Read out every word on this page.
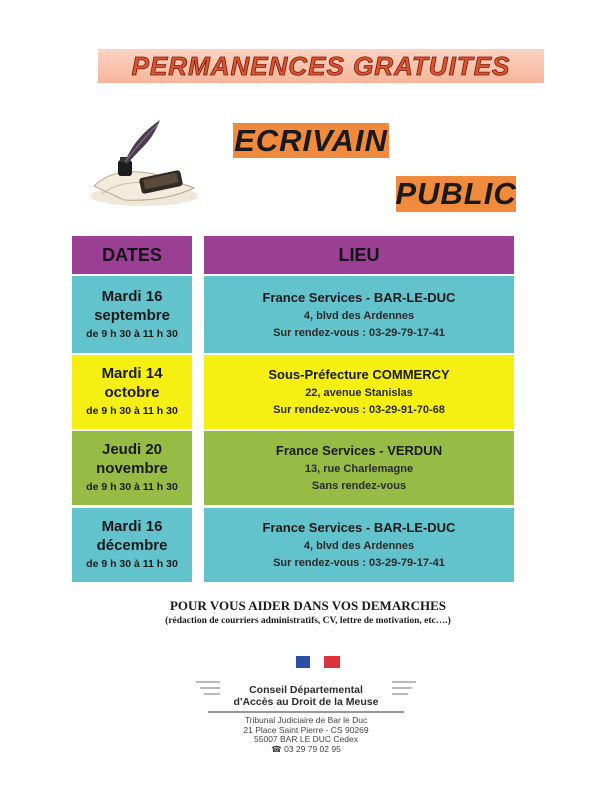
PERMANENCES GRATUITES
ECRIVAIN
PUBLIC
DATES	LIEU
Mardi 16
septembre
de 9 h 30 à 11 h 30
France Services - BAR-LE-DUC
4, blvd des Ardennes
Sur rendez-vous : 03-29-79-17-41
Mardi 14
octobre
de 9 h 30 à 11 h 30
Sous-Préfecture COMMERCY
22, avenue Stanislas
Sur rendez-vous : 03-29-91-70-68
Jeudi 20
novembre
de 9 h 30 à 11 h 30
France Services - VERDUN
13, rue Charlemagne
Sans rendez-vous
Mardi 16
décembre
de 9 h 30 à 11 h 30
France Services - BAR-LE-DUC
4, blvd des Ardennes
Sur rendez-vous : 03-29-79-17-41
POUR VOUS AIDER DANS VOS DEMARCHES
(rédaction de courriers administratifs, CV, lettre de motivation, etc….)
Conseil Départemental
d'Accès au Droit de la Meuse
Tribunal Judiciaire de Bar le Duc
21 Place Saint Pierre - CS 90269
55007 BAR LE DUC Cedex
☎ 03 29 79 02 95
